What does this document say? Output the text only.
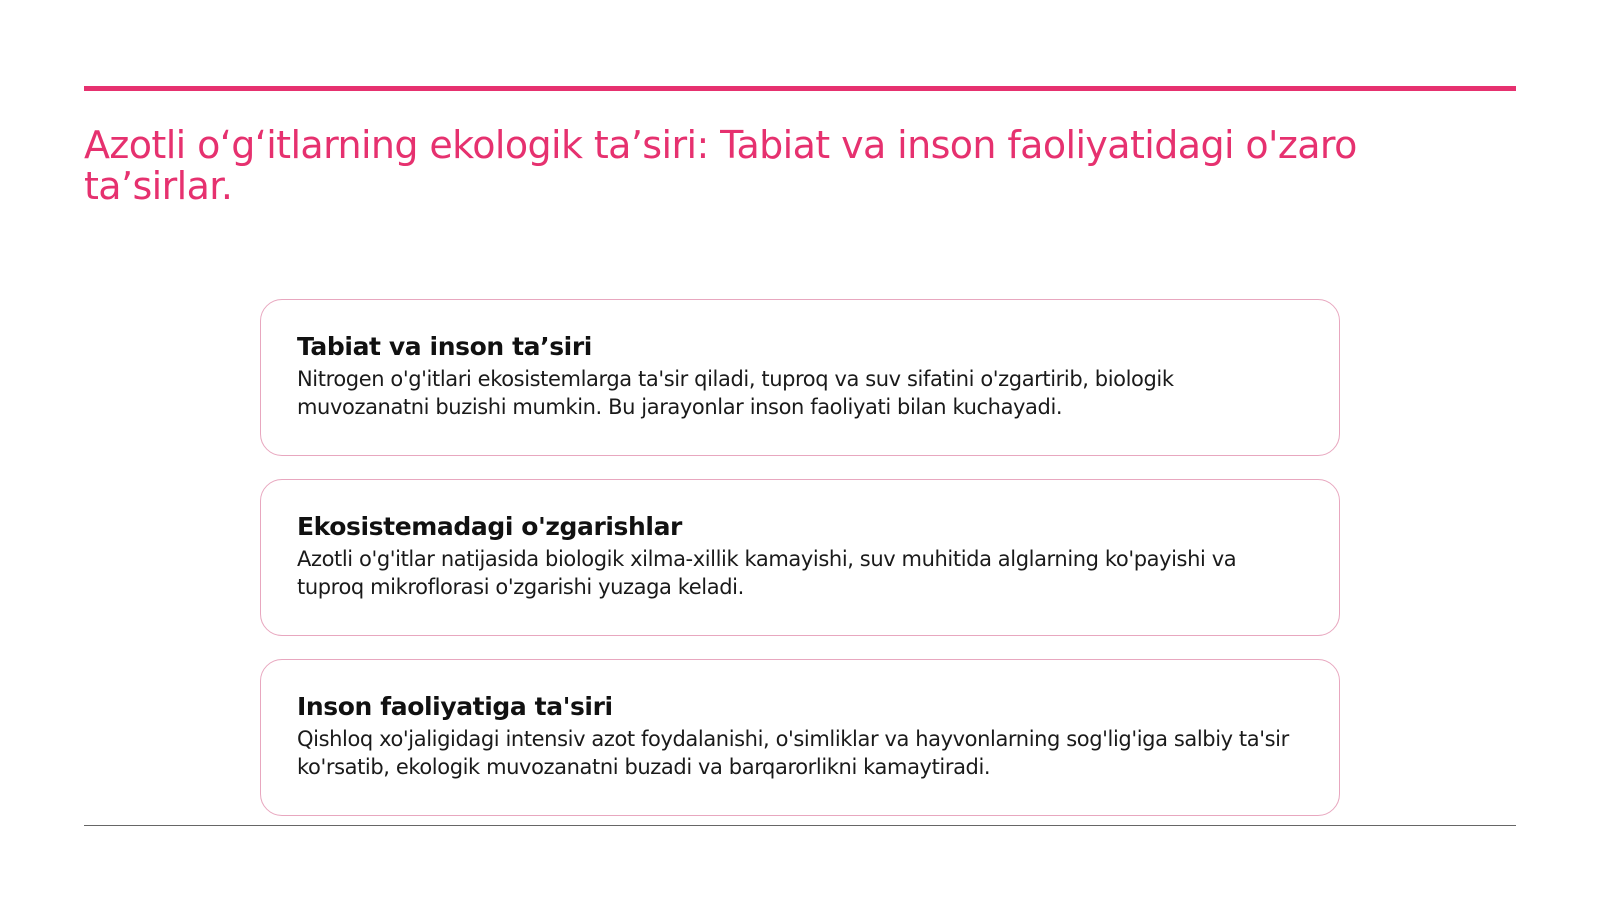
Azotli o‘g‘itlarning ekologik ta’siri: Tabiat va inson faoliyatidagi o'zaro ta’sirlar.
Tabiat va inson ta’siri

Nitrogen o'g'itlari ekosistemlarga ta'sir qiladi, tuproq va suv sifatini o'zgartirib, biologik muvozanatni buzishi mumkin. Bu jarayonlar inson faoliyati bilan kuchayadi.

Ekosistemadagi o'zgarishlar

Azotli o'g'itlar natijasida biologik xilma-xillik kamayishi, suv muhitida alglarning ko'payishi va tuproq mikroflorasi o'zgarishi yuzaga keladi.

Inson faoliyatiga ta'siri

Qishloq xo'jaligidagi intensiv azot foydalanishi, o'simliklar va hayvonlarning sog'lig'iga salbiy ta'sir ko'rsatib, ekologik muvozanatni buzadi va barqarorlikni kamaytiradi.
